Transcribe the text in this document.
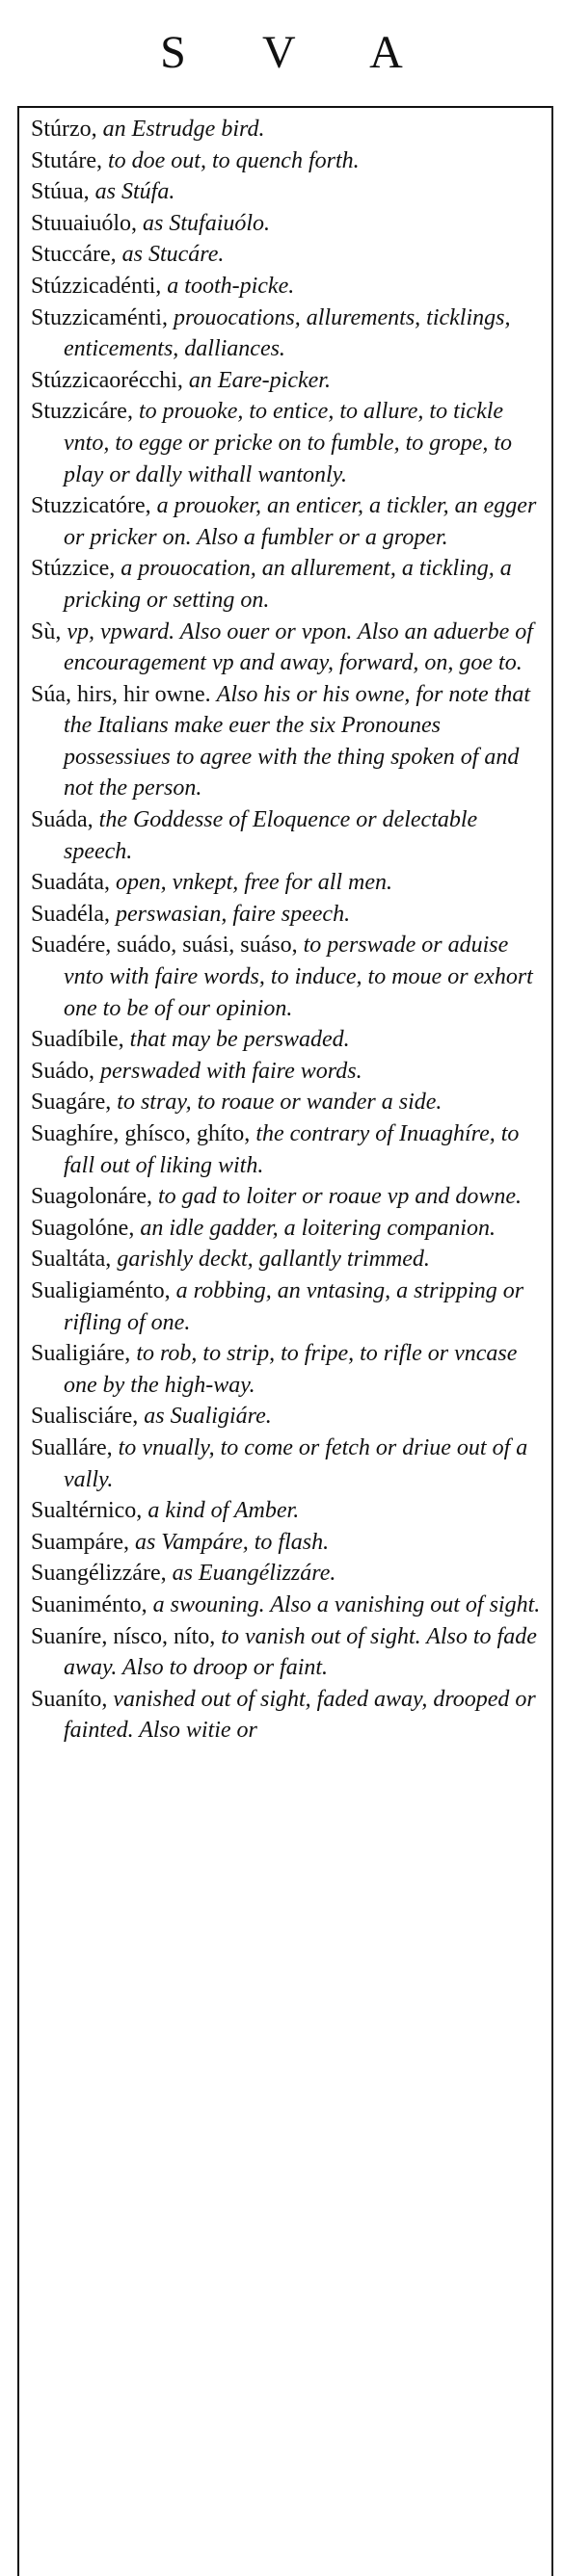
S V A

Stúrzo, an Estrudge bird.

Stutáre, to doe out, to quench forth.

Stúua, as Stúfa.

Stuuaiuólo, as Stufaiuólo.

Stuccáre, as Stucáre.

Stúzzicadénti, a tooth-picke.

Stuzzicaménti, prouocations, allurements, ticklings, enticements, dalliances.

Stúzzicaorécchi, an Eare-picker.

Stuzzicáre, to prouoke, to entice, to allure, to tickle vnto, to egge or pricke on to fumble, to grope, to play or dally withall wantonly.

Stuzzicatóre, a prouoker, an enticer, a tickler, an egger or pricker on. Also a fumbler or a groper.

Stúzzice, a prouocation, an allurement, a tickling, a pricking or setting on.

Sù, vp, vpward. Also ouer or vpon. Also an aduerbe of encouragement vp and away, forward, on, goe to.

Súa, hirs, hir owne. Also his or his owne, for note that the Italians make euer the six Pronounes possessiues to agree with the thing spoken of and not the person.

Suáda, the Goddesse of Eloquence or delectable speech.

Suadáta, open, vnkept, free for all men.

Suadéla, perswasian, faire speech.

Suadére, suádo, suási, suáso, to perswade or aduise vnto with faire words, to induce, to moue or exhort one to be of our opinion.

Suadíbile, that may be perswaded.

Suádo, perswaded with faire words.

Suagáre, to stray, to roaue or wander a side.

Suaghíre, ghísco, ghíto, the contrary of Inuaghíre, to fall out of liking with.

Suagolonáre, to gad to loiter or roaue vp and downe.

Suagolóne, an idle gadder, a loitering companion.

Sualtáta, garishly deckt, gallantly trimmed.

Sualigiaménto, a robbing, an vntasing, a stripping or rifling of one.

Sualigiáre, to rob, to strip, to fripe, to rifle or vncase one by the high-way.

Sualisciáre, as Sualigiáre.

Sualláre, to vnually, to come or fetch or driue out of a vally.

Sualtérnico, a kind of Amber.

Suampáre, as Vampáre, to flash.

Suangélizzáre, as Euangélizzáre.

Suaniménto, a swouning. Also a vanishing out of sight.

Suaníre, nísco, níto, to vanish out of sight. Also to fade away. Also to droop or faint.

Suaníto, vanished out of sight, faded away, drooped or fainted. Also witie or
